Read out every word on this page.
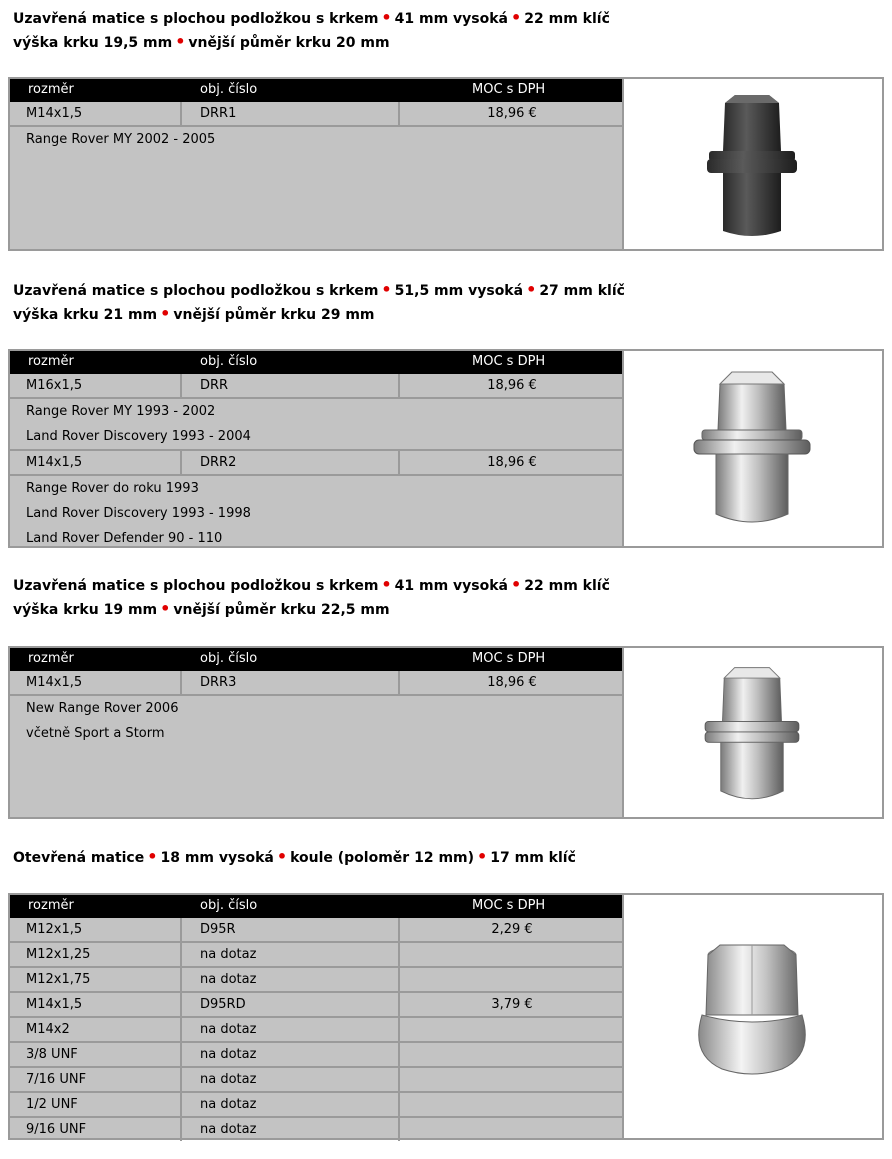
Uzavřená matice s plochou podložkou s krkem • 41 mm vysoká • 22 mm klíč
výška krku 19,5 mm • vnější půměr krku 20 mm
rozměr	obj. číslo	MOC s DPH
M14x1,5	DRR1	18,96 €
Range Rover MY 2002 - 2005
Uzavřená matice s plochou podložkou s krkem • 51,5 mm vysoká • 27 mm klíč
výška krku 21 mm • vnější půměr krku 29 mm
rozměr	obj. číslo	MOC s DPH
M16x1,5	DRR	18,96 €
Range Rover MY 1993 - 2002
Land Rover Discovery 1993 - 2004
M14x1,5	DRR2	18,96 €
Range Rover do roku 1993
Land Rover Discovery 1993 - 1998
Land Rover Defender 90 - 110
Uzavřená matice s plochou podložkou s krkem • 41 mm vysoká • 22 mm klíč
výška krku 19 mm • vnější půměr krku 22,5 mm
rozměr	obj. číslo	MOC s DPH
M14x1,5	DRR3	18,96 €
New Range Rover 2006
včetně Sport a Storm
Otevřená matice • 18 mm vysoká • koule (poloměr 12 mm) • 17 mm klíč
rozměr	obj. číslo	MOC s DPH
M12x1,5	D95R	2,29 €
M12x1,25	na dotaz
M12x1,75	na dotaz
M14x1,5	D95RD	3,79 €
M14x2	na dotaz
3/8 UNF	na dotaz
7/16 UNF	na dotaz
1/2 UNF	na dotaz
9/16 UNF	na dotaz
